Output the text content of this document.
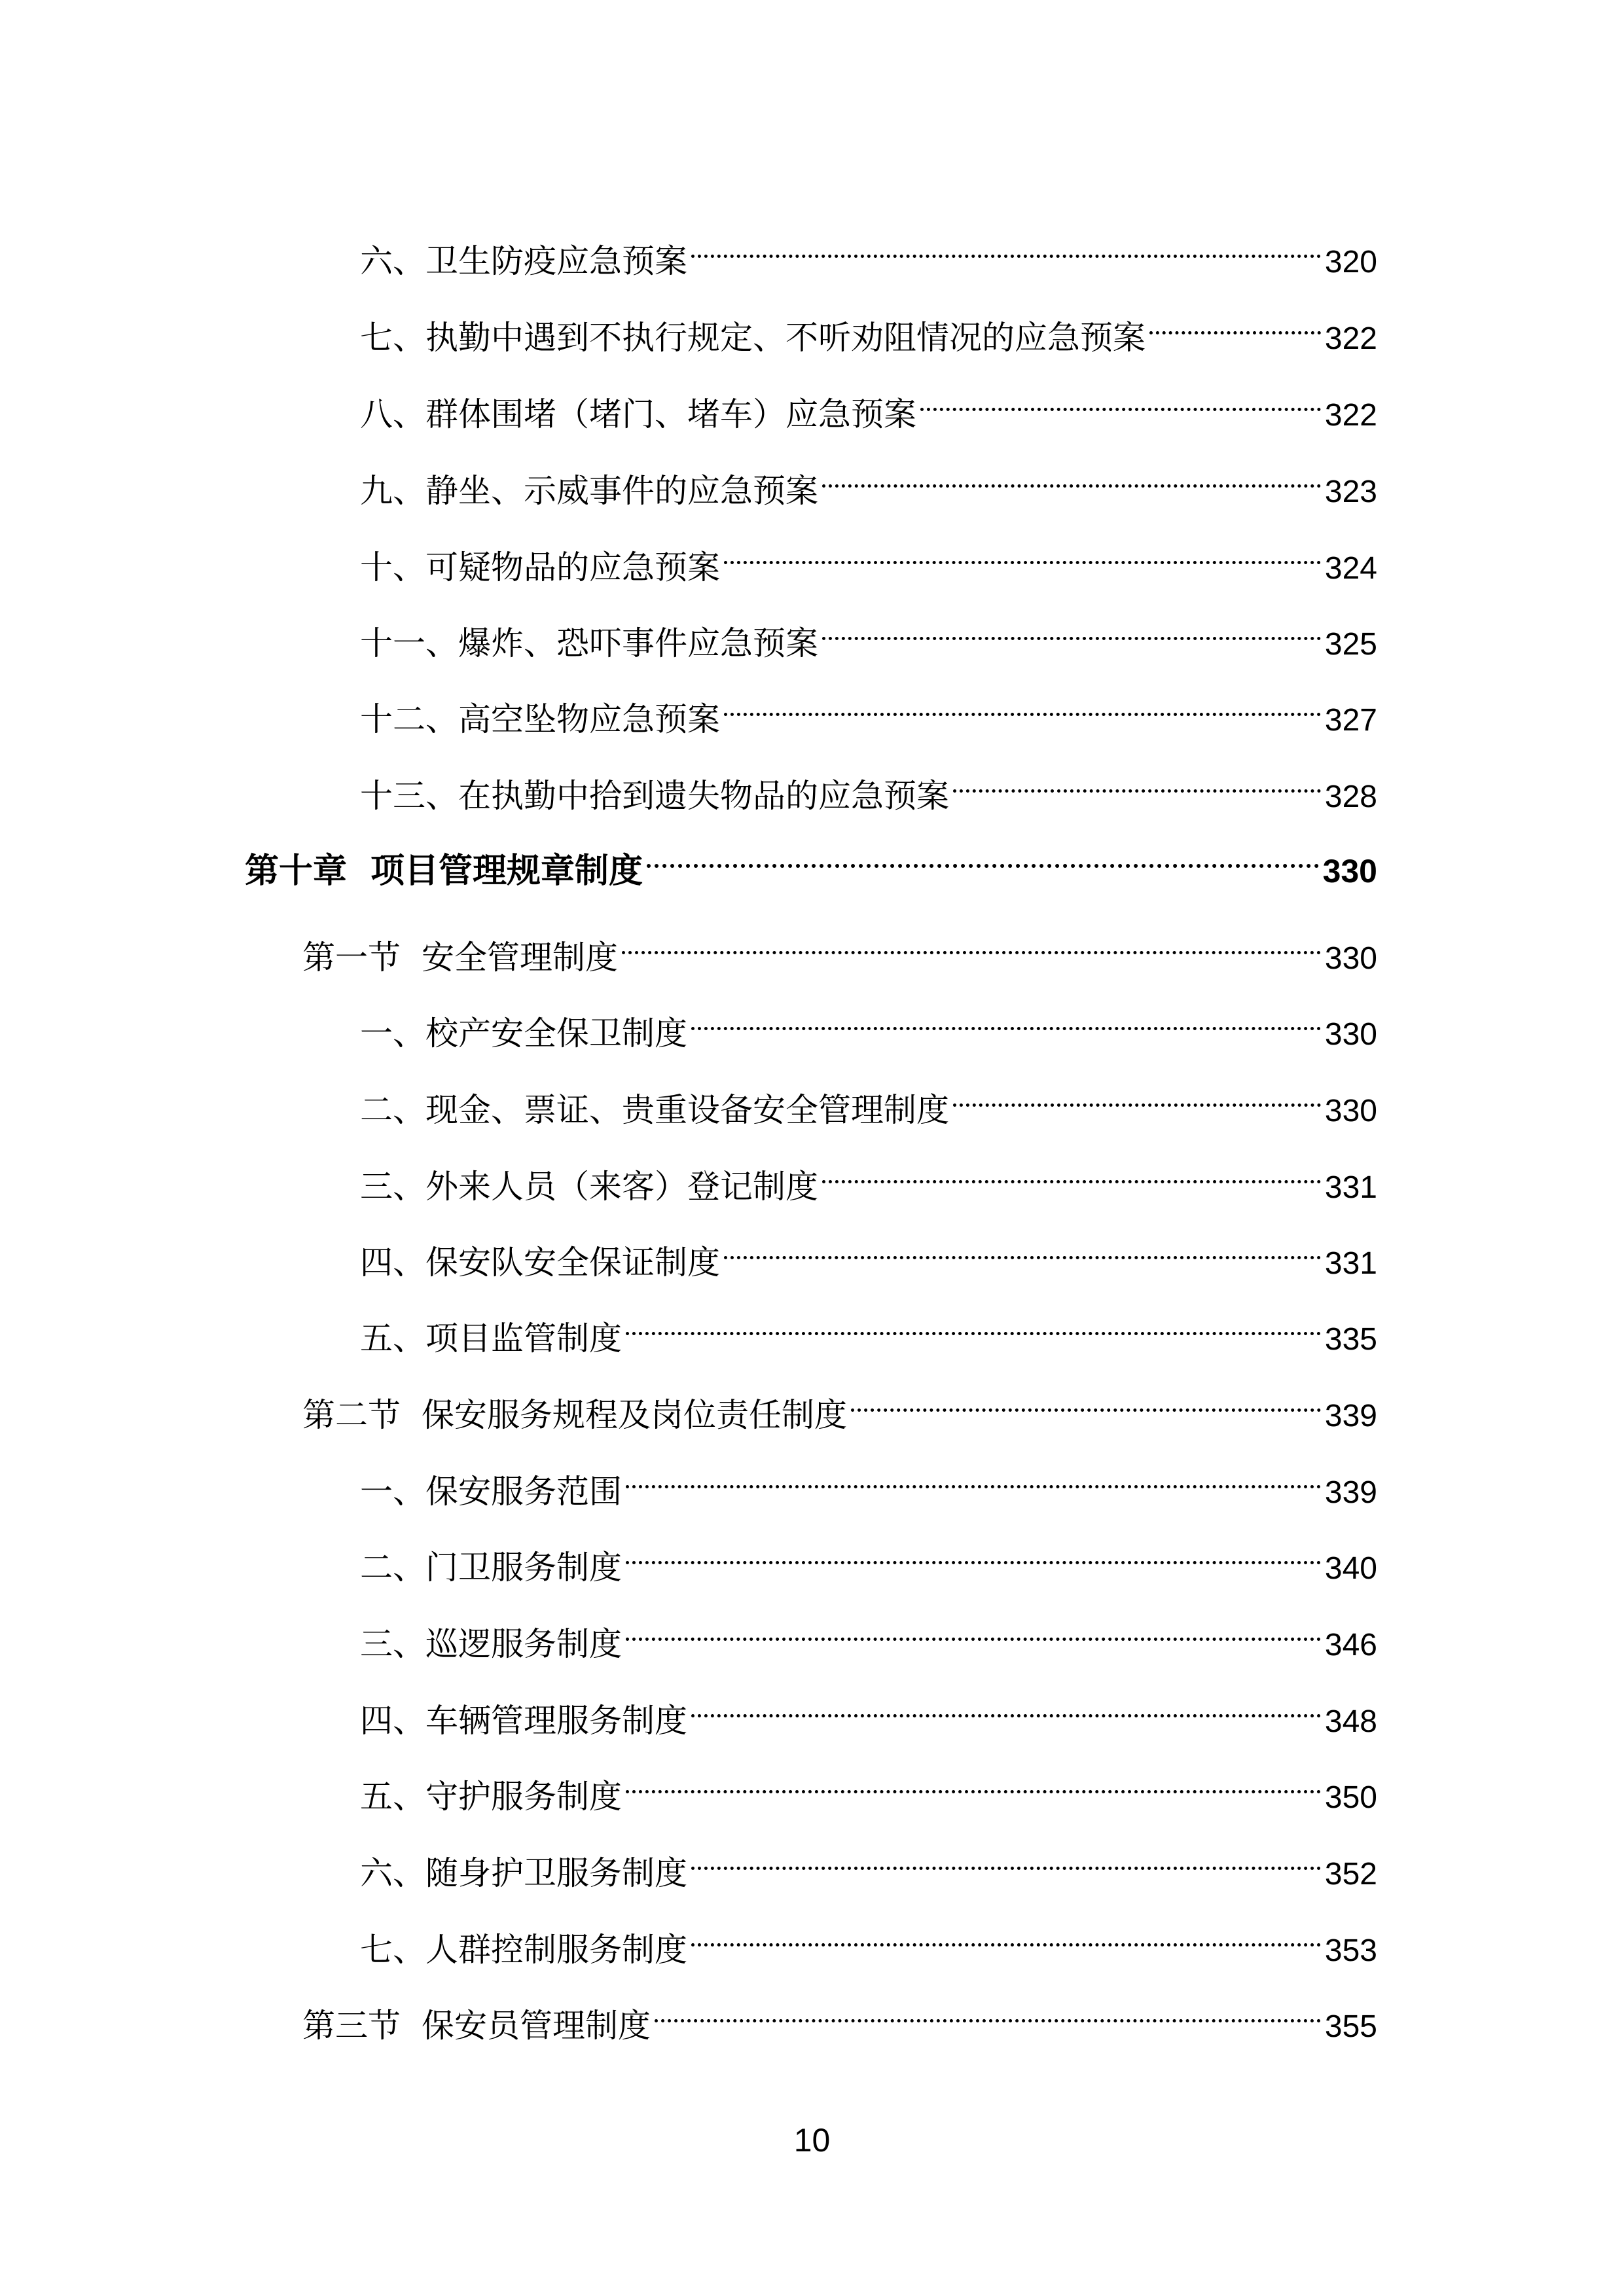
六、卫生防疫应急预案	320
七、执勤中遇到不执行规定、不听劝阻情况的应急预案	322
八、群体围堵（堵门、堵车）应急预案	322
九、静坐、示威事件的应急预案	323
十、可疑物品的应急预案	324
十一、爆炸、恐吓事件应急预案	325
十二、高空坠物应急预案	327
十三、在执勤中拾到遗失物品的应急预案	328
第十章 项目管理规章制度	330
第一节 安全管理制度	330
一、校产安全保卫制度	330
二、现金、票证、贵重设备安全管理制度	330
三、外来人员（来客）登记制度	331
四、保安队安全保证制度	331
五、项目监管制度	335
第二节 保安服务规程及岗位责任制度	339
一、保安服务范围	339
二、门卫服务制度	340
三、巡逻服务制度	346
四、车辆管理服务制度	348
五、守护服务制度	350
六、随身护卫服务制度	352
七、人群控制服务制度	353
第三节 保安员管理制度	355
10
